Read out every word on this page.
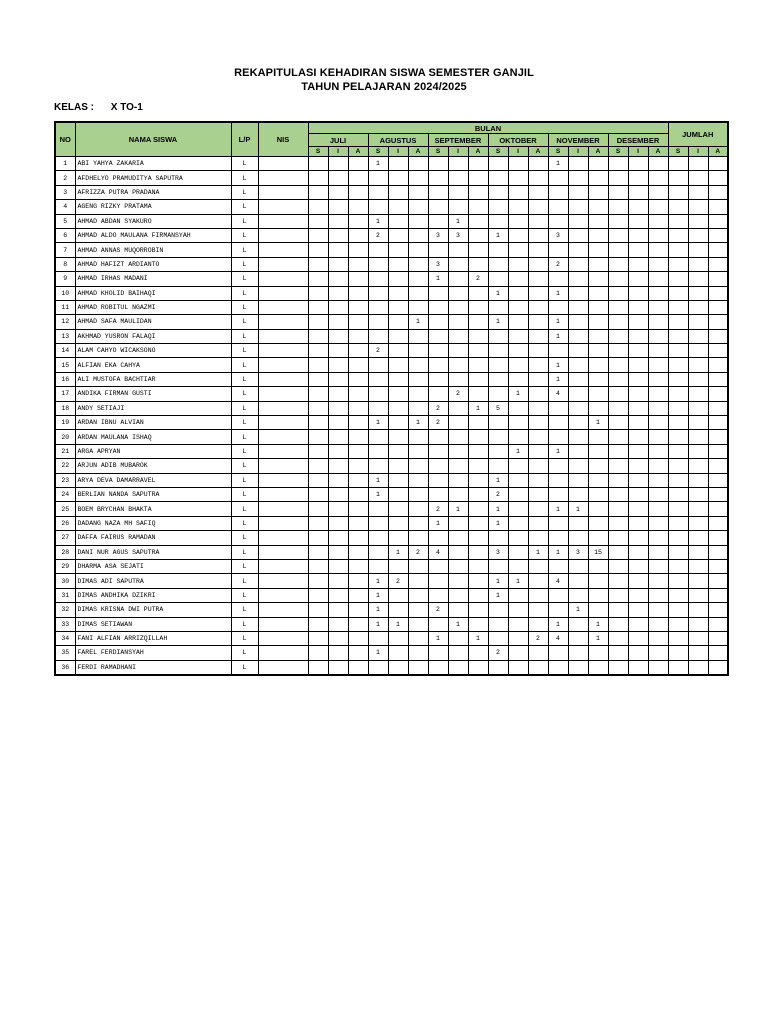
REKAPITULASI KEHADIRAN SISWA SEMESTER GANJIL
TAHUN PELAJARAN 2024/2025
KELAS : X TO-1
NO	NAMA SISWA	L/P	NIS	BULAN																		JUMLAH		
				JULI			AGUSTUS			SEPTEMBER			OKTOBER			NOVEMBER			DESEMBER					
				S	I	A	S	I	A	S	I	A	S	I	A	S	I	A	S	I	A	S	I	A
1	ABI YAHYA ZAKARIA	L					1									1								
2	AFDHELYO PRAMUDITYA SAPUTRA	L																						
3	AFRIZZA PUTRA PRADANA	L																						
4	AGENG RIZKY PRATAMA	L																						
5	AHMAD ABDAN SYAKURO	L					1				1													
6	AHMAD ALDO MAULANA FIRMANSYAH	L					2			3	3		1			3								
7	AHMAD ANNAS MUQORROBIN	L																						
8	AHMAD HAFIZT ARDIANTO	L								3						2								
9	AHMAD IRHAS MADANI	L								1		2												
10	AHMAD KHOLID BAIHAQI	L											1			1								
11	AHMAD ROBITUL NGAZMI	L																						
12	AHMAD SAFA MAULIDAN	L							1				1			1								
13	AKHMAD YUSRON FALAQI	L														1								
14	ALAM CAHYO WICAKSONO	L					2																	
15	ALFIAN EKA CAHYA	L														1								
16	ALI MUSTOFA BACHTIAR	L														1								
17	ANDIKA FIRMAN GUSTI	L									2			1		4								
18	ANDY SETIAJI	L								2		1	5											
19	ARDAN IBNU ALVIAN	L					1		1	2								1						
20	ARDAN MAULANA ISHAQ	L																						
21	ARGA APRYAN	L												1		1								
22	ARJUN ADIB MUBAROK	L																						
23	ARYA DEVA DAMARRAVEL	L					1						1											
24	BERLIAN NANDA SAPUTRA	L					1						2											
25	BOEM BRYCHAN BHAKTA	L								2	1		1			1	1							
26	DADANG NAZA MH SAFIQ	L								1			1											
27	DAFFA FAIRUS RAMADAN	L																						
28	DANI NUR AGUS SAPUTRA	L						1	2	4			3		1	1	3	15						
29	DHARMA ASA SEJATI	L																						
30	DIMAS ADI SAPUTRA	L					1	2					1	1		4								
31	DIMAS ANDHIKA DZIKRI	L					1						1											
32	DIMAS KRISNA DWI PUTRA	L					1			2							1							
33	DIMAS SETIAWAN	L					1	1			1					1		1						
34	FANI ALFIAN ARRIZQILLAH	L								1		1			2	4		1						
35	FAREL FERDIANSYAH	L					1						2											
36	FERDI RAMADHANI	L																						
